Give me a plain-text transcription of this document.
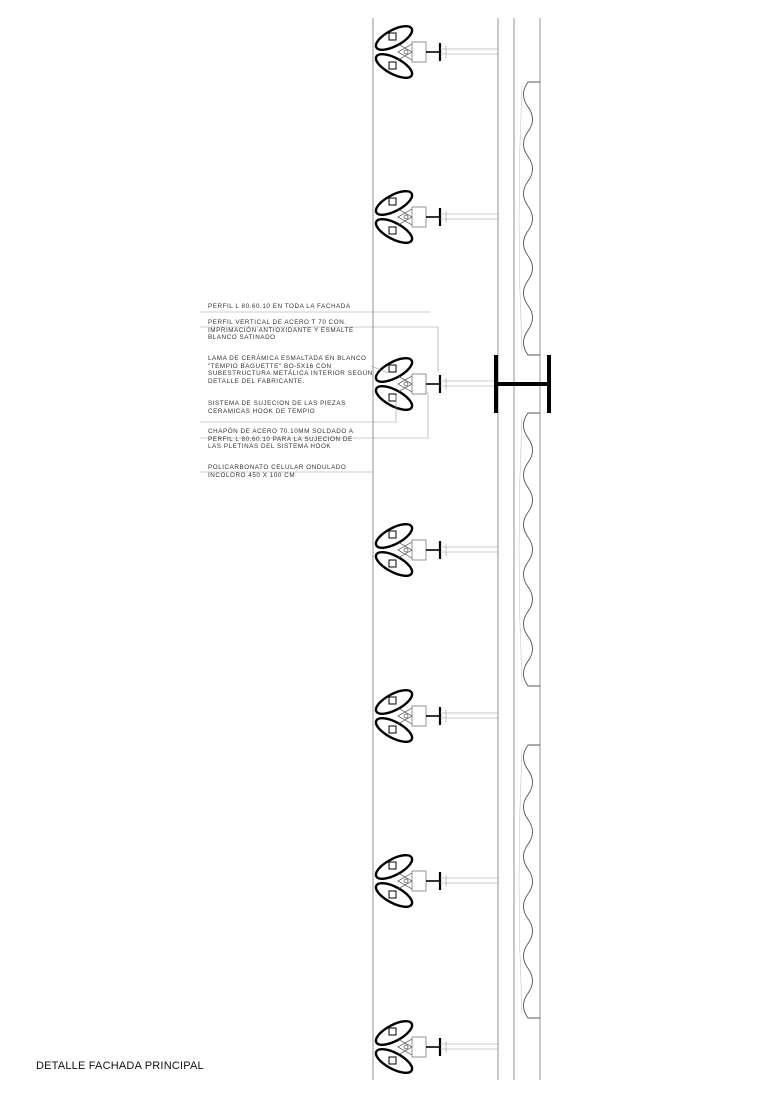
PERFIL L 80.60.10 EN TODA LA FACHADA
PERFIL VERTICAL DE ACERO T 70 CON.
IMPRIMACIÓN ANTIOXIDANTE Y ESMALTE
BLANCO SATINADO
LAMA DE CERÁMICA ESMALTADA EN BLANCO
"TEMPIO BAGUETTE" BO-5X16 CON
SUBESTRUCTURA METÁLICA INTERIOR SEGÚN
DETALLE DEL FABRICANTE.
SISTEMA DE SUJECION DE LAS PIEZAS
CERAMICAS HOOK DE TEMPIO
CHAPÓN DE ACERO 70.10MM SOLDADO A
PERFIL L 80.60.10 PARA LA SUJECION DE
LAS PLETINAS DEL SISTEMA HOOK
POLICARBONATO CELULAR ONDULADO
INCOLORO 450 X 100 CM
DETALLE FACHADA PRINCIPAL
